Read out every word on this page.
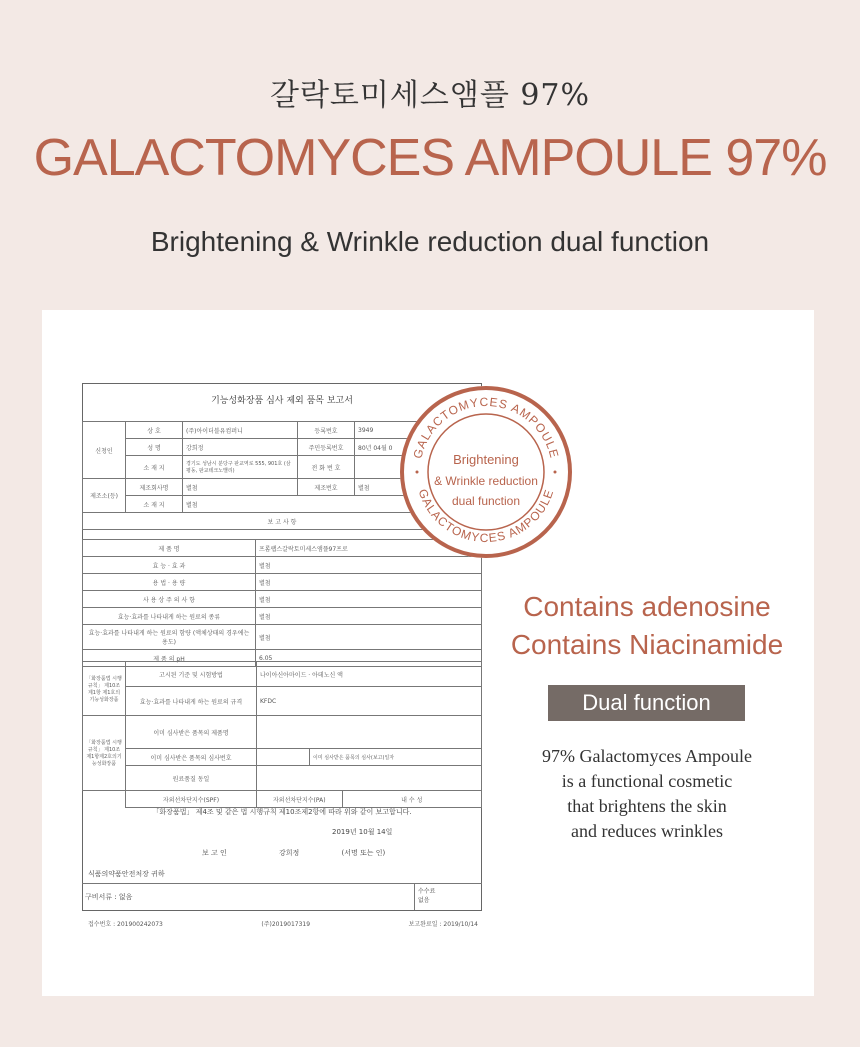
갈락토미세스앰플 97%
GALACTOMYCES AMPOULE 97%
Brightening & Wrinkle reduction dual function
기능성화장품 심사 제외 품목 보고서
신청인	상 호	(주)아이더블유컴퍼니	등록번호	3949
	성 명	강희정	주민등록번호	80년 04월 0
	소 재 지	경기도 성남시 분당구 판교역로 555, 901호 (삼평동, 판교테크노밸리)	전 화 번 호	
제조소(등)	제조회사명	별첨	제조번호	별첨
	소 재 지	별첨		
보 고 사 항				
제 품 명	프롬랩스갈락토미세스앰플97프로
효 능 · 효 과	별첨
용 법 · 용 량	별첨
사 용 상 주 의 사 항	별첨
효능·효과를 나타내게 하는 원료의 종류	별첨
효능·효과를 나타내게 하는 원료의 함량 (액체상태의 경우에는 용도)	별첨
제 품 의 pH	6.05
「화장품법 시행규칙」 제10조제1항 제1호의 기능성화장품	고시된 기준 및 시험방법	나이아신아마이드 · 아데노신 액		
	효능·효과를 나타내게 하는 원료의 규격	KFDC		
「화장품법 시행규칙」 제10조제1항제2호의기능성화장품	이미 심사받은 품목의 제품명			
	이미 심사받은 품목의 심사번호		이미 심사받은 품목의 심사(보고)일자	
	원료품질 동일			
	자외선차단지수(SPF)	자외선차단지수(PA)		내 수 성
「화장품법」 제4조 및 같은 법 시행규칙 제10조제2항에 따라 위와 같이 보고합니다.
2019년 10월 14일
보 고 인	강희정	(서명 또는 인)
식품의약품안전처장 귀하
구비서류 : 없음
수수료
없음
접수번호 : 201900242073	(주)2019017319	보고완료일 : 2019/10/14
GALACTOMYCES AMPOULE
GALACTOMYCES AMPOULE
Brightening
& Wrinkle reduction
dual function
Contains adenosine
Contains Niacinamide
Dual function
97% Galactomyces Ampoule
is a functional cosmetic
that brightens the skin
and reduces wrinkles
